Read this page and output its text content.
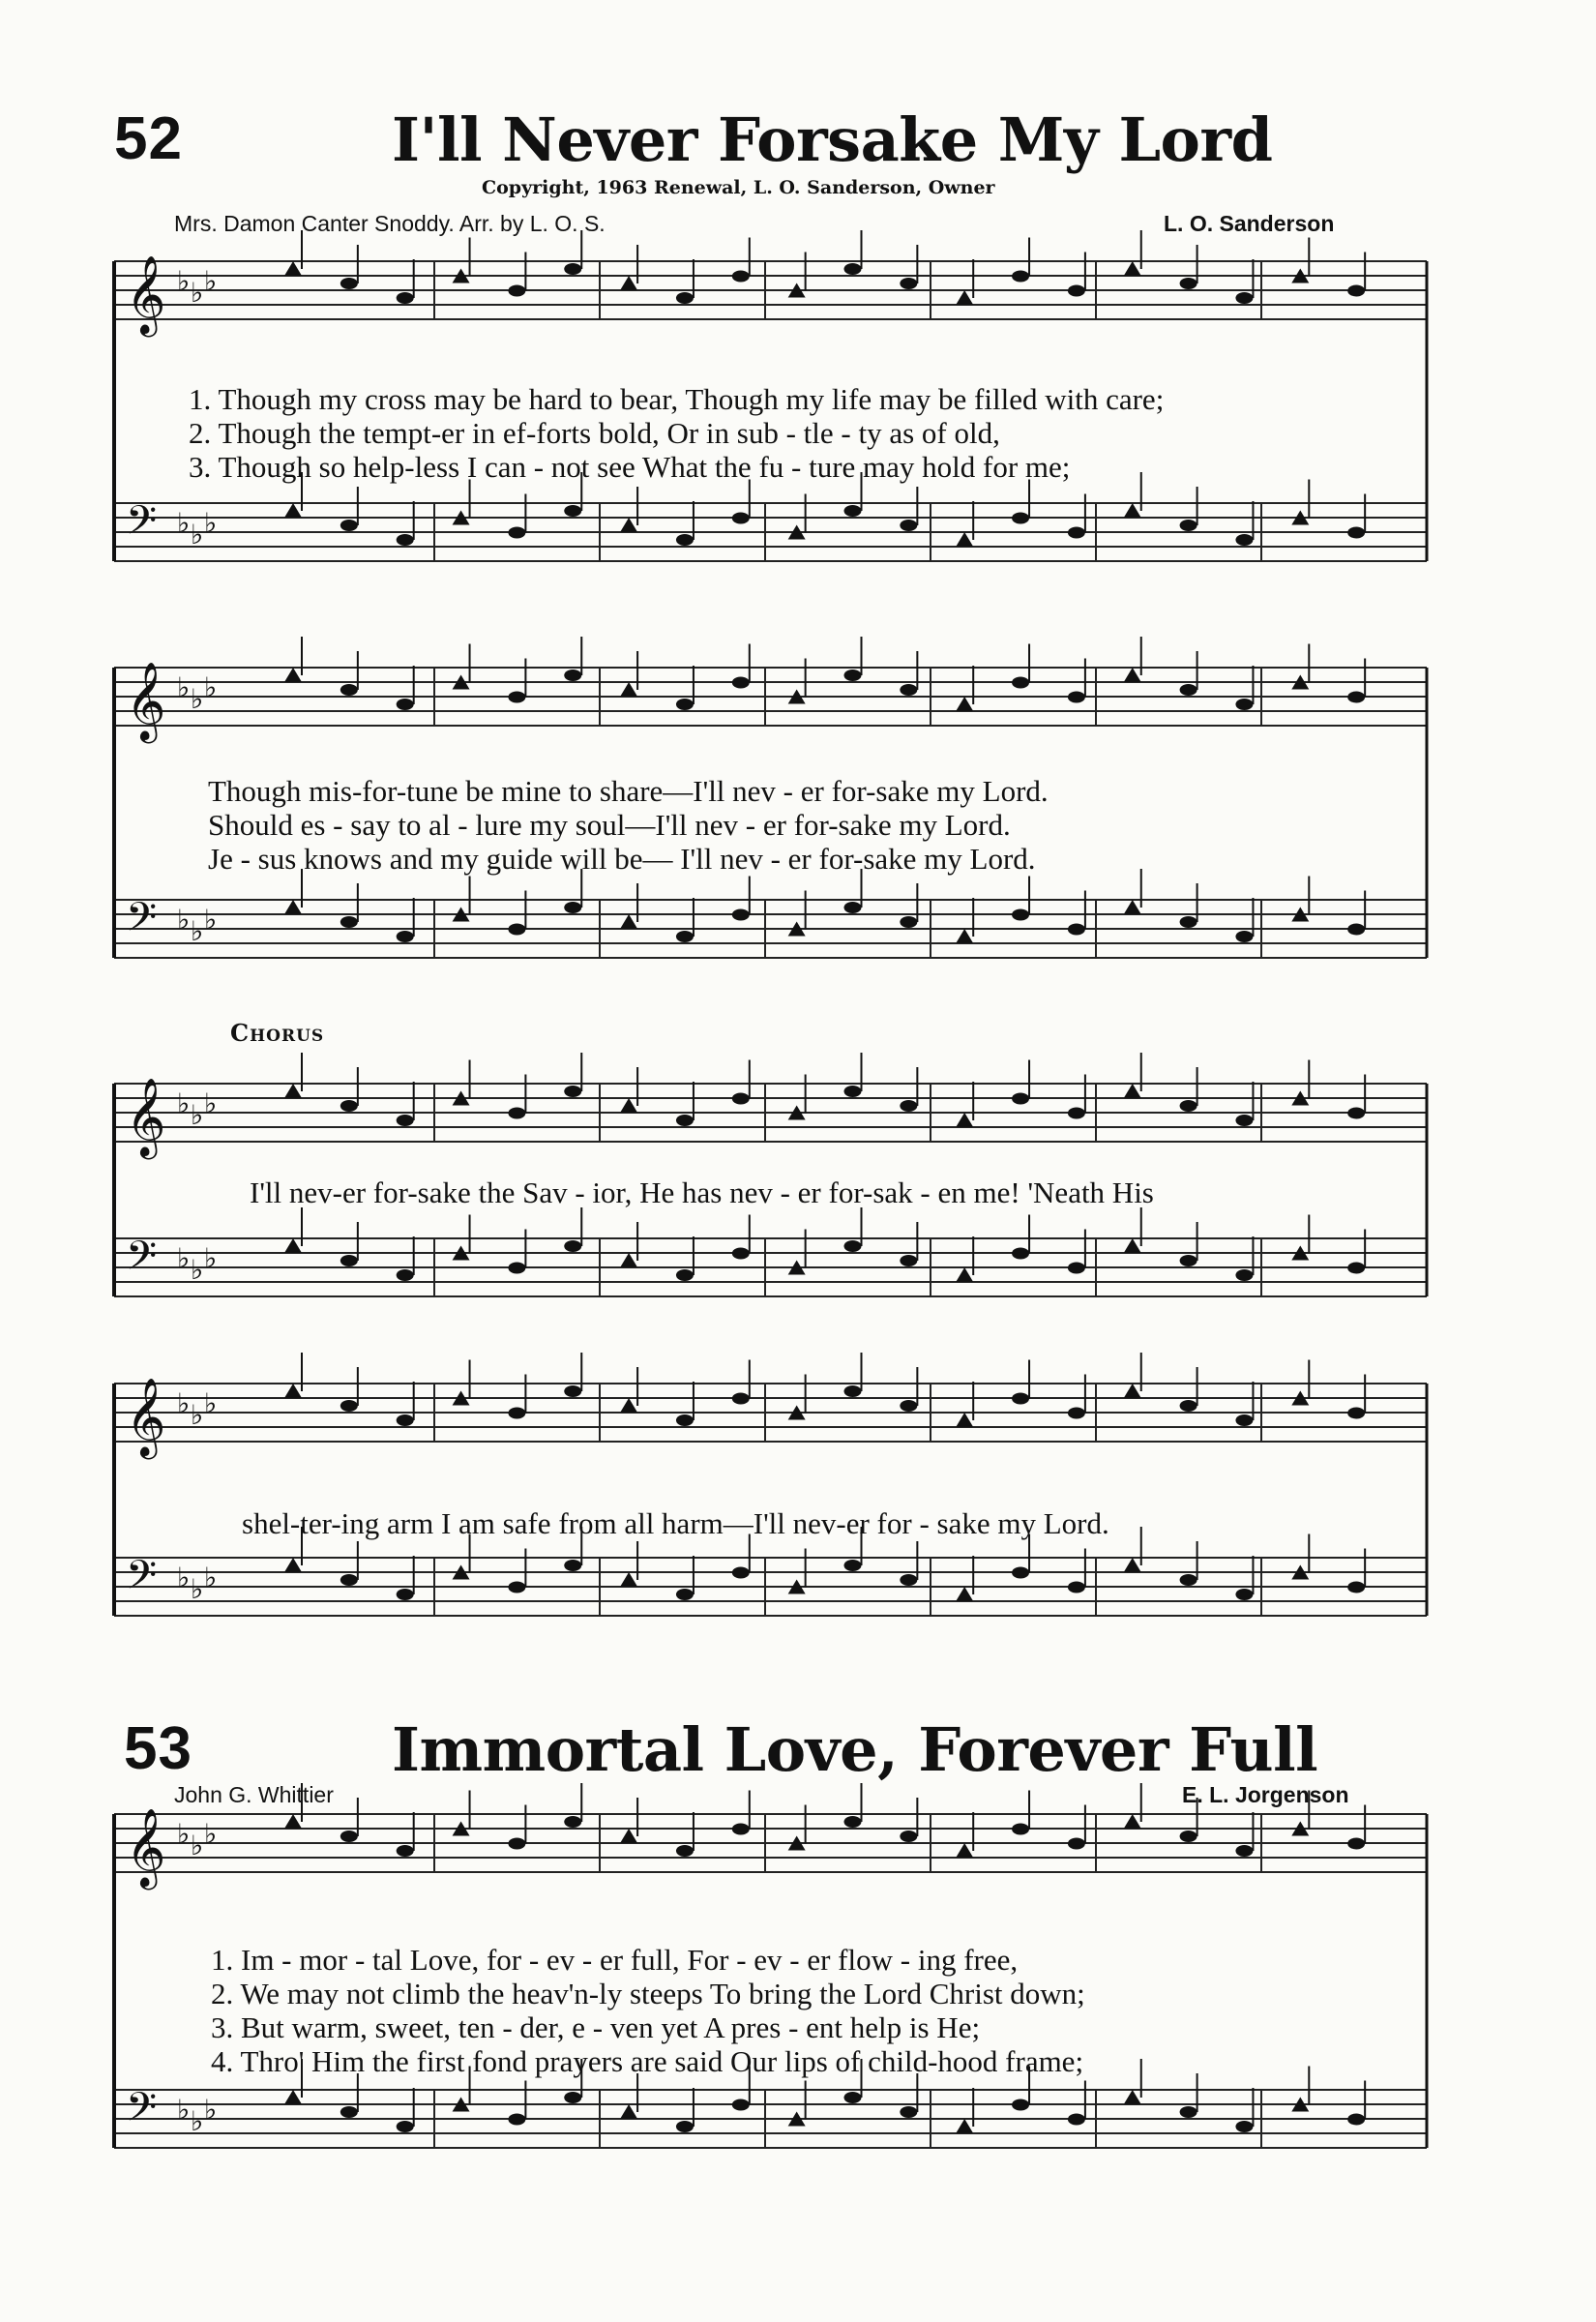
52	I'll Never Forsake My Lord
Copyright, 1963 Renewal, L. O. Sanderson, Owner
Mrs. Damon Canter Snoddy. Arr. by L. O. S.	L. O. Sanderson
𝄞 ♭ ♭ ♭
𝄢 ♭ ♭ ♭
𝄞 ♭ ♭ ♭
𝄢 ♭ ♭ ♭
𝄞 ♭ ♭ ♭
𝄢 ♭ ♭ ♭
𝄞 ♭ ♭ ♭
𝄢 ♭ ♭ ♭
𝄞 ♭ ♭ ♭
𝄢 ♭ ♭ ♭
1. Though my cross may be hard to bear, Though my life may be filled with care;
2. Though the tempt-er in ef-forts bold, Or in sub - tle - ty as of old,
3. Though so help-less I can - not see What the fu - ture may hold for me;
Though mis-for-tune be mine to share—I'll nev - er for-sake my Lord.
Should es - say to al - lure my soul—I'll nev - er for-sake my Lord.
Je - sus knows and my guide will be— I'll nev - er for-sake my Lord.
Chorus
I'll nev-er for-sake the Sav - ior, He has nev - er for-sak - en me! 'Neath His
shel-ter-ing arm I am safe from all harm—I'll nev-er for - sake my Lord.
53	Immortal Love, Forever Full
John G. Whittier	E. L. Jorgenson
1. Im - mor - tal Love, for - ev - er full, For - ev - er flow - ing free,
2. We may not climb the heav'n-ly steeps To bring the Lord Christ down;
3. But warm, sweet, ten - der, e - ven yet A pres - ent help is He;
4. Thro' Him the first fond prayers are said Our lips of child-hood frame;
